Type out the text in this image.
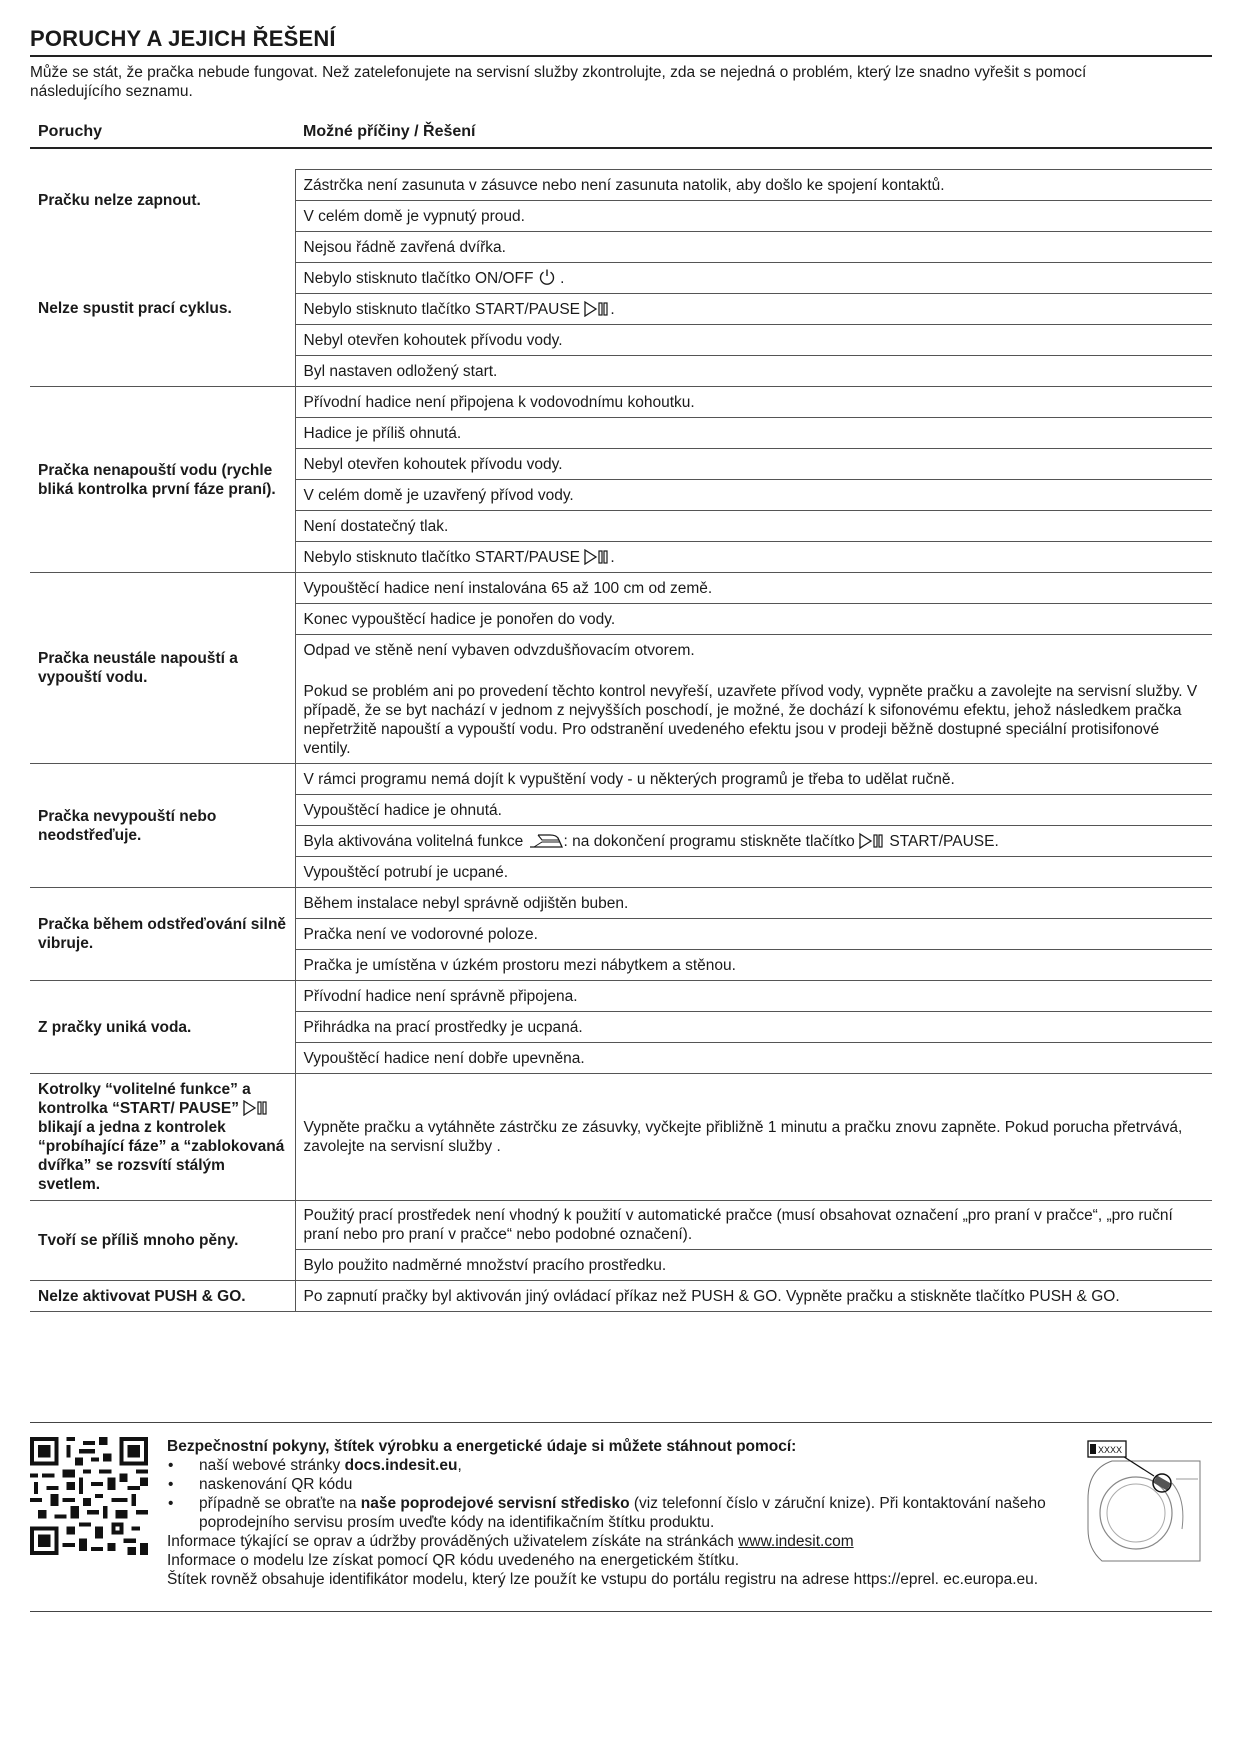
PORUCHY A JEJICH ŘEŠENÍ
Může se stát, že pračka nebude fungovat. Než zatelefonujete na servisní služby zkontrolujte, zda se nejedná o problém, který lze snadno vyřešit s pomocí následujícího seznamu.
Poruchy	Možné příčiny / Řešení

Pračku nelze zapnout.	Zástrčka není zasunuta v zásuvce nebo není zasunuta natolik, aby došlo ke spojení kontaktů.
	V celém domě je vypnutý proud.
Nelze spustit prací cyklus.	Nejsou řádně zavřená dvířka.
	Nebylo stisknuto tlačítko ON/OFF .
	Nebylo stisknuto tlačítko START/PAUSE .
	Nebyl otevřen kohoutek přívodu vody.
	Byl nastaven odložený start.
Pračka nenapouští vodu (rychle bliká kontrolka první fáze praní).	Přívodní hadice není připojena k vodovodnímu kohoutku.
	Hadice je příliš ohnutá.
	Nebyl otevřen kohoutek přívodu vody.
	V celém domě je uzavřený přívod vody.
	Není dostatečný tlak.
	Nebylo stisknuto tlačítko START/PAUSE .
Pračka neustále napouští a vypouští vodu.	Vypouštěcí hadice není instalována 65 až 100 cm od země.
	Konec vypouštěcí hadice je ponořen do vody.
	Odpad ve stěně není vybaven odvzdušňovacím otvorem.
	Pokud se problém ani po provedení těchto kontrol nevyřeší, uzavřete přívod vody, vypněte pračku a zavolejte na servisní služby. V případě, že se byt nachází v jednom z nejvyšších poschodí, je možné, že dochází k sifonovému efektu, jehož následkem pračka nepřetržitě napouští a vypouští vodu. Pro odstranění uvedeného efektu jsou v prodeji běžně dostupné speciální protisifonové ventily.
Pračka nevypouští nebo neodstřeďuje.	V rámci programu nemá dojít k vypuštění vody - u některých programů je třeba to udělat ručně.
	Vypouštěcí hadice je ohnutá.
	Byla aktivována volitelná funkce : na dokončení programu stiskněte tlačítko START/PAUSE.
	Vypouštěcí potrubí je ucpané.
Pračka během odstřeďování silně vibruje.	Během instalace nebyl správně odjištěn buben.
	Pračka není ve vodorovné poloze.
	Pračka je umístěna v úzkém prostoru mezi nábytkem a stěnou.
Z pračky uniká voda.	Přívodní hadice není správně připojena.
	Přihrádka na prací prostředky je ucpaná.
	Vypouštěcí hadice není dobře upevněna.
Kotrolky “volitelné funkce” a kontrolka “START/ PAUSE”  blikají a jedna z kontrolek “probíhající fáze” a “zablokovaná dvířka” se rozsvítí stálým svetlem.	Vypněte pračku a vytáhněte zástrčku ze zásuvky, vyčkejte přibližně 1 minutu a pračku znovu zapněte. Pokud porucha přetrvává, zavolejte na servisní služby .
Tvoří se příliš mnoho pěny.	Použitý prací prostředek není vhodný k použití v automatické pračce (musí obsahovat označení „pro praní v pračce“, „pro ruční praní nebo pro praní v pračce“ nebo podobné označení).
	Bylo použito nadměrné množství pracího prostředku.
Nelze aktivovat PUSH & GO.	Po zapnutí pračky byl aktivován jiný ovládací příkaz než PUSH & GO. Vypněte pračku a stiskněte tlačítko PUSH & GO.
Bezpečnostní pokyny, štítek výrobku a energetické údaje si můžete stáhnout pomocí:
• naší webové stránky docs.indesit.eu,
• naskenování QR kódu
• případně se obraťte na naše poprodejové servisní středisko (viz telefonní číslo v záruční knize). Při kontaktování našeho poprodejního servisu prosím uveďte kódy na identifikačním štítku produktu.
Informace týkající se oprav a údržby prováděných uživatelem získáte na stránkách www.indesit.com
Informace o modelu lze získat pomocí QR kódu uvedeného na energetickém štítku.
Štítek rovněž obsahuje identifikátor modelu, který lze použít ke vstupu do portálu registru na adrese https://eprel. ec.europa.eu.
XXXX
